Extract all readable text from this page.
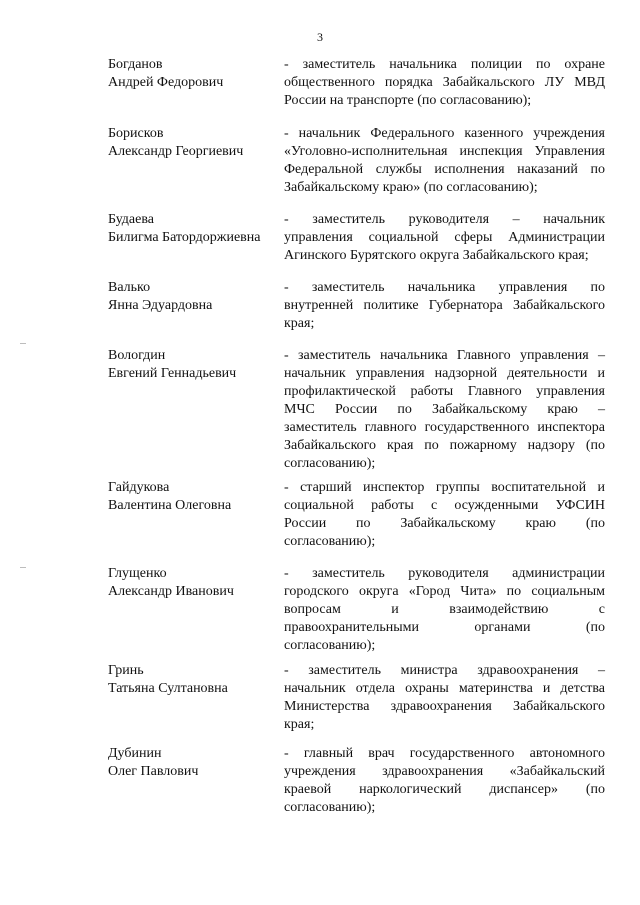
3
Богданов
Андрей Федорович
- заместитель начальника полиции по охране
общественного порядка Забайкальского ЛУ МВД
России на транспорте (по согласованию);
Борисков
Александр Георгиевич
- начальник Федерального казенного учреждения
«Уголовно-исполнительная инспекция Управления
Федеральной службы исполнения наказаний по
Забайкальскому краю» (по согласованию);
Будаева
Билигма Батордоржиевна
- заместитель руководителя – начальник
управления социальной сферы Администрации
Агинского Бурятского округа Забайкальского края;
Валько
Янна Эдуардовна
- заместитель начальника управления по
внутренней политике Губернатора Забайкальского
края;
Вологдин
Евгений Геннадьевич
- заместитель начальника Главного управления –
начальник управления надзорной деятельности и
профилактической работы Главного управления
МЧС России по Забайкальскому краю –
заместитель главного государственного инспектора
Забайкальского края по пожарному надзору (по
согласованию);
Гайдукова
Валентина Олеговна
- старший инспектор группы воспитательной и
социальной работы с осужденными УФСИН
России по Забайкальскому краю (по
согласованию);
Глущенко
Александр Иванович
- заместитель руководителя администрации
городского округа «Город Чита» по социальным
вопросам и взаимодействию с
правоохранительными органами (по
согласованию);
Гринь
Татьяна Султановна
- заместитель министра здравоохранения –
начальник отдела охраны материнства и детства
Министерства здравоохранения Забайкальского
края;
Дубинин
Олег Павлович
- главный врач государственного автономного
учреждения здравоохранения «Забайкальский
краевой наркологический диспансер» (по
согласованию);
